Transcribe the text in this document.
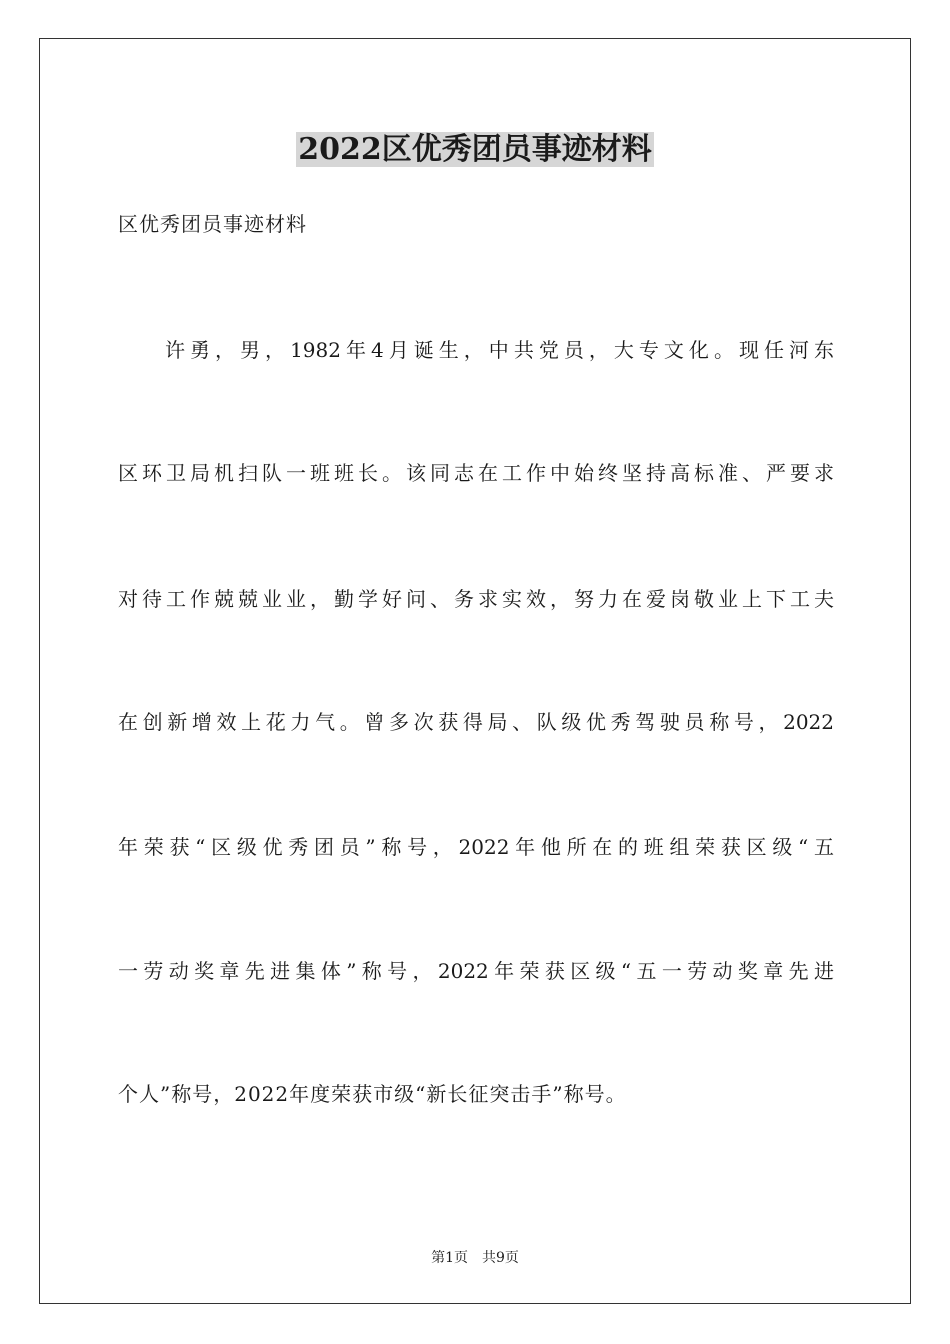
2022区优秀团员事迹材料
区优秀团员事迹材料
许勇，男，1982年4月诞生，中共党员，大专文化。现任河东
区环卫局机扫队一班班长。该同志在工作中始终坚持高标准、严要求
对待工作兢兢业业，勤学好问、务求实效，努力在爱岗敬业上下工夫
在创新增效上花力气。曾多次获得局、队级优秀驾驶员称号，2022
年荣获“区级优秀团员”称号，2022年他所在的班组荣获区级“五
一劳动奖章先进集体”称号，2022年荣获区级“五一劳动奖章先进
个人”称号，2022年度荣获市级“新长征突击手”称号。
第1页 共9页
